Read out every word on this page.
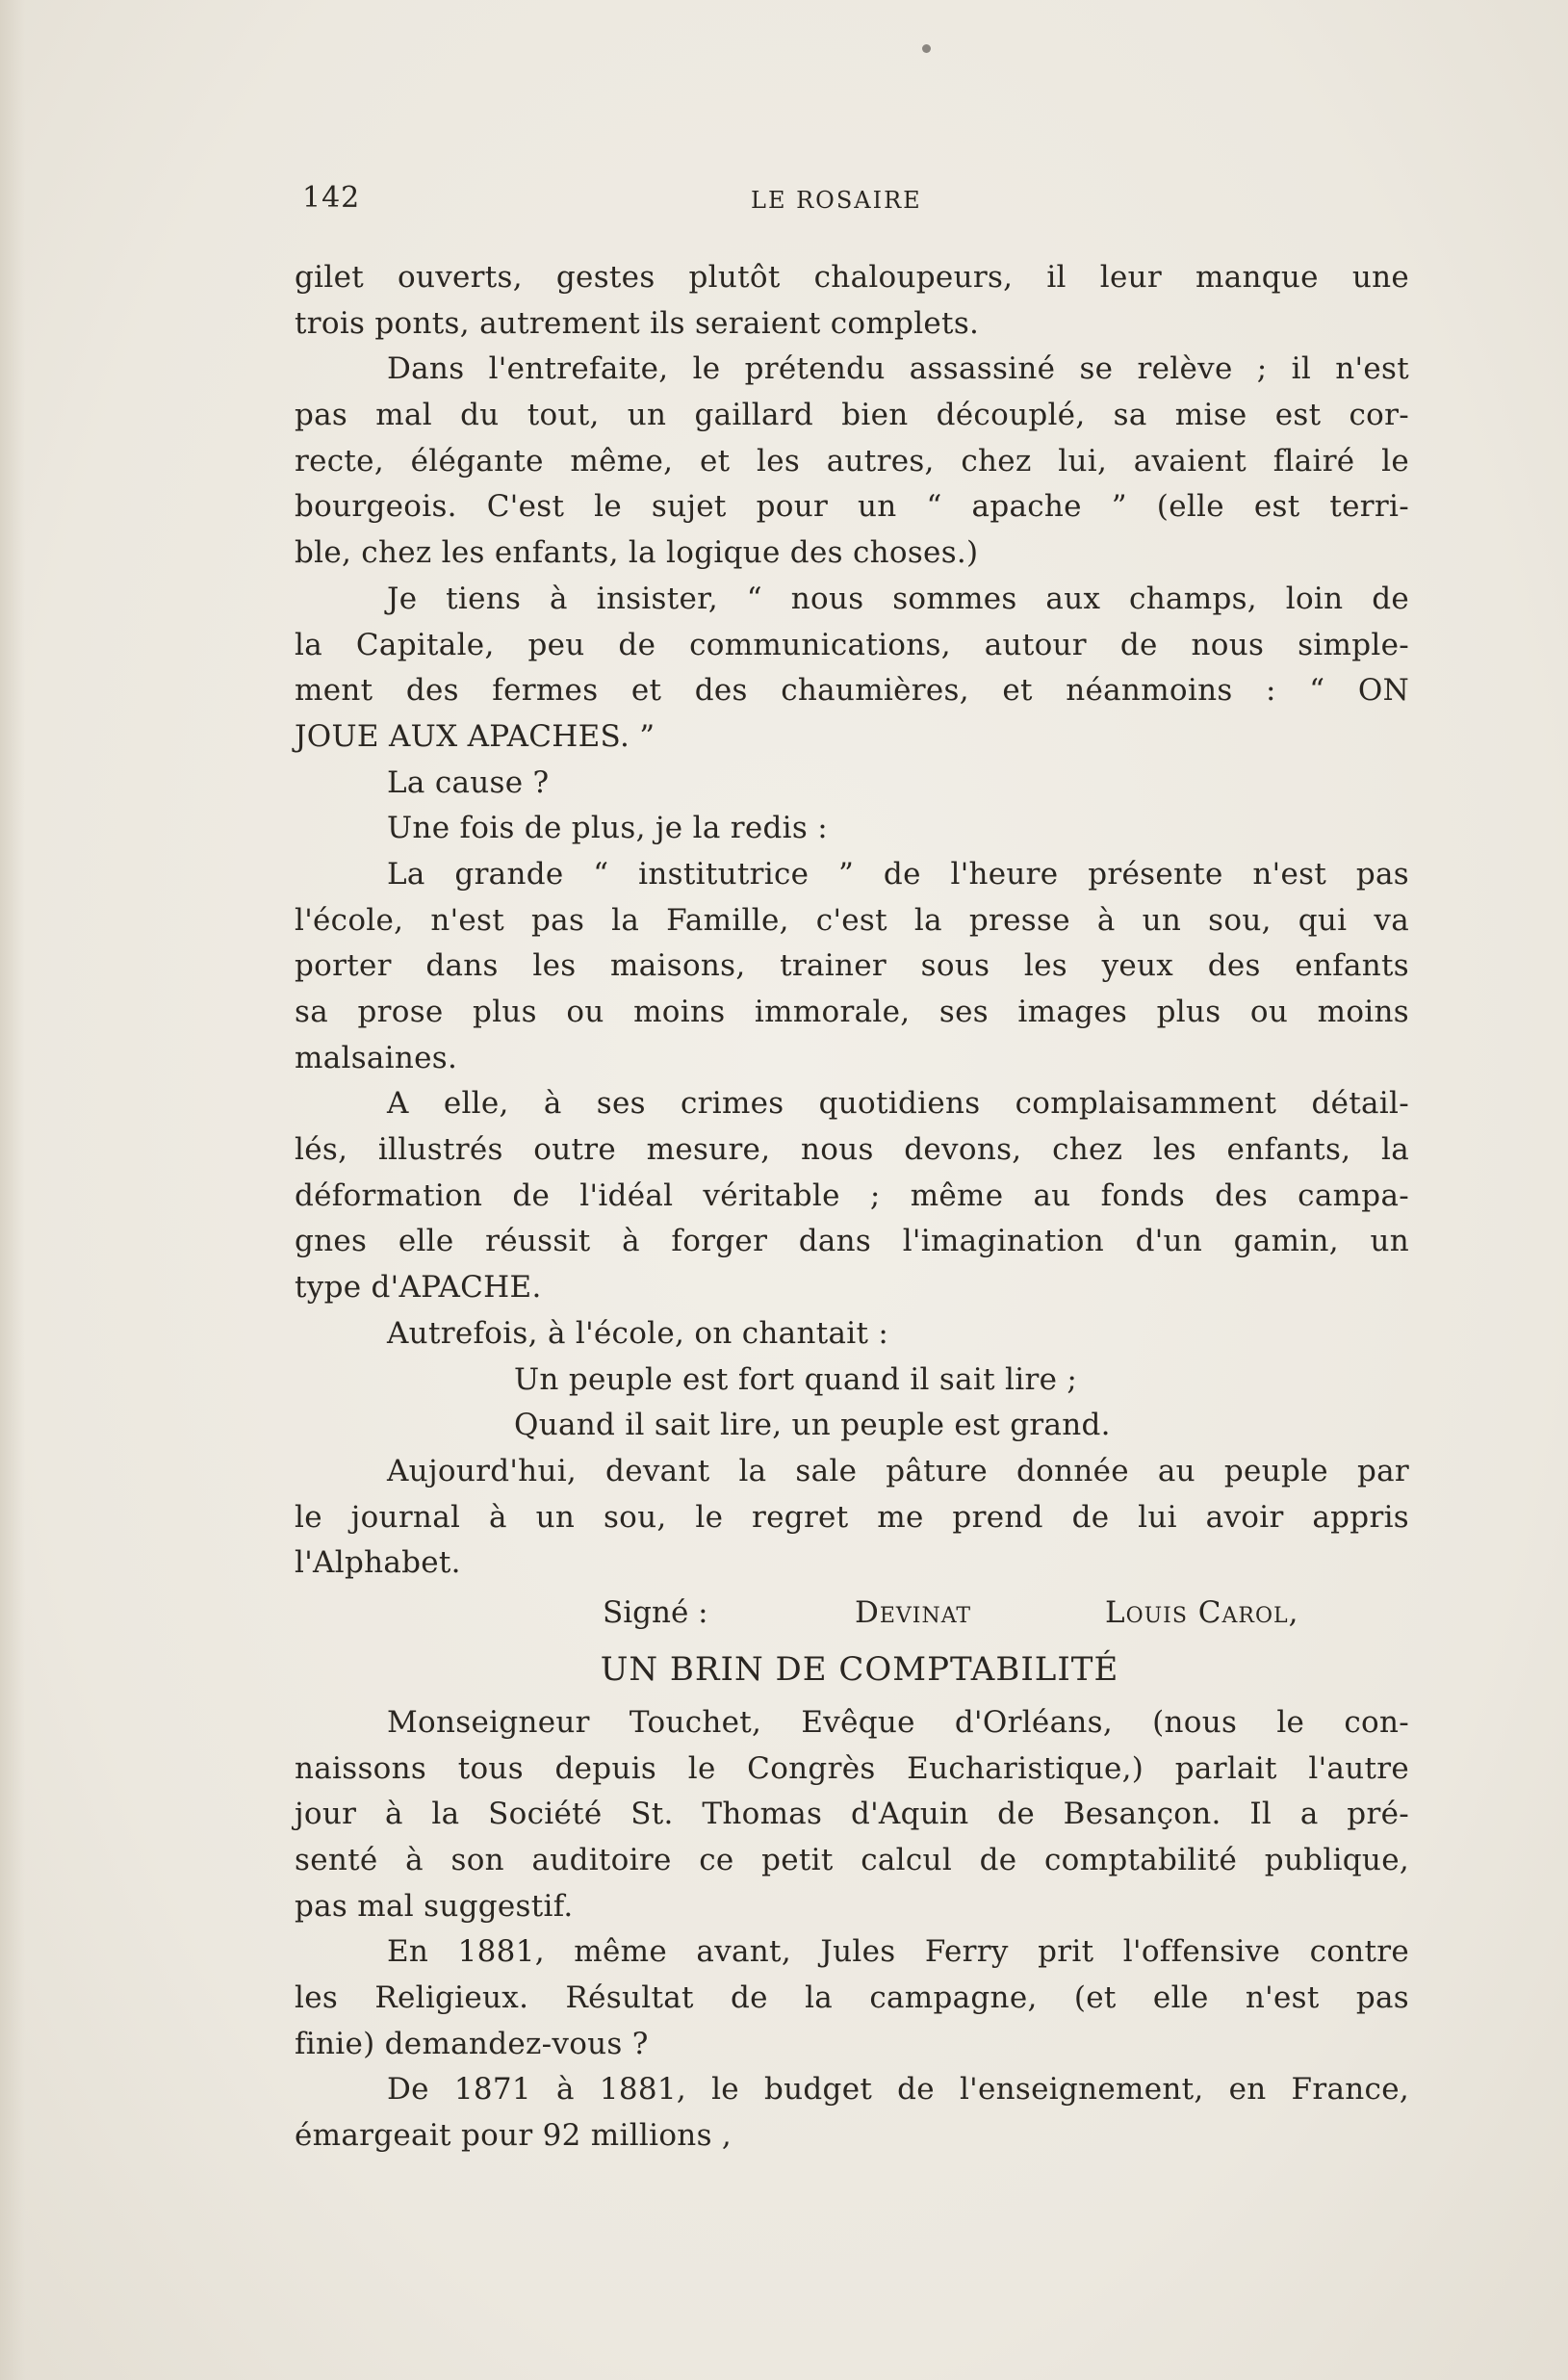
142	LE ROSAIRE
gilet ouverts, gestes plutôt chaloupeurs, il leur manque une
trois ponts, autrement ils seraient complets.
Dans l'entrefaite, le prétendu assassiné se relève ; il n'est
pas mal du tout, un gaillard bien découplé, sa mise est cor-
recte, élégante même, et les autres, chez lui, avaient flairé le
bourgeois. C'est le sujet pour un “ apache ” (elle est terri-
ble, chez les enfants, la logique des choses.)
Je tiens à insister, “ nous sommes aux champs, loin de
la Capitale, peu de communications, autour de nous simple-
ment des fermes et des chaumières, et néanmoins : “ ON
JOUE AUX APACHES. ”
La cause ?
Une fois de plus, je la redis :
La grande “ institutrice ” de l'heure présente n'est pas
l'école, n'est pas la Famille, c'est la presse à un sou, qui va
porter dans les maisons, trainer sous les yeux des enfants
sa prose plus ou moins immorale, ses images plus ou moins
malsaines.
A elle, à ses crimes quotidiens complaisamment détail-
lés, illustrés outre mesure, nous devons, chez les enfants, la
déformation de l'idéal véritable ; même au fonds des campa-
gnes elle réussit à forger dans l'imagination d'un gamin, un
type d'APACHE.
Autrefois, à l'école, on chantait :
Un peuple est fort quand il sait lire ;
Quand il sait lire, un peuple est grand.
Aujourd'hui, devant la sale pâture donnée au peuple par
le journal à un sou, le regret me prend de lui avoir appris
l'Alphabet.
Signé :	Devinat	Louis Carol,
UN BRIN DE COMPTABILITÉ
Monseigneur Touchet, Evêque d'Orléans, (nous le con-
naissons tous depuis le Congrès Eucharistique,) parlait l'autre
jour à la Société St. Thomas d'Aquin de Besançon. Il a pré-
senté à son auditoire ce petit calcul de comptabilité publique,
pas mal suggestif.
En 1881, même avant, Jules Ferry prit l'offensive contre
les Religieux. Résultat de la campagne, (et elle n'est pas
finie) demandez-vous ?
De 1871 à 1881, le budget de l'enseignement, en France,
émargeait pour 92 millions ,
